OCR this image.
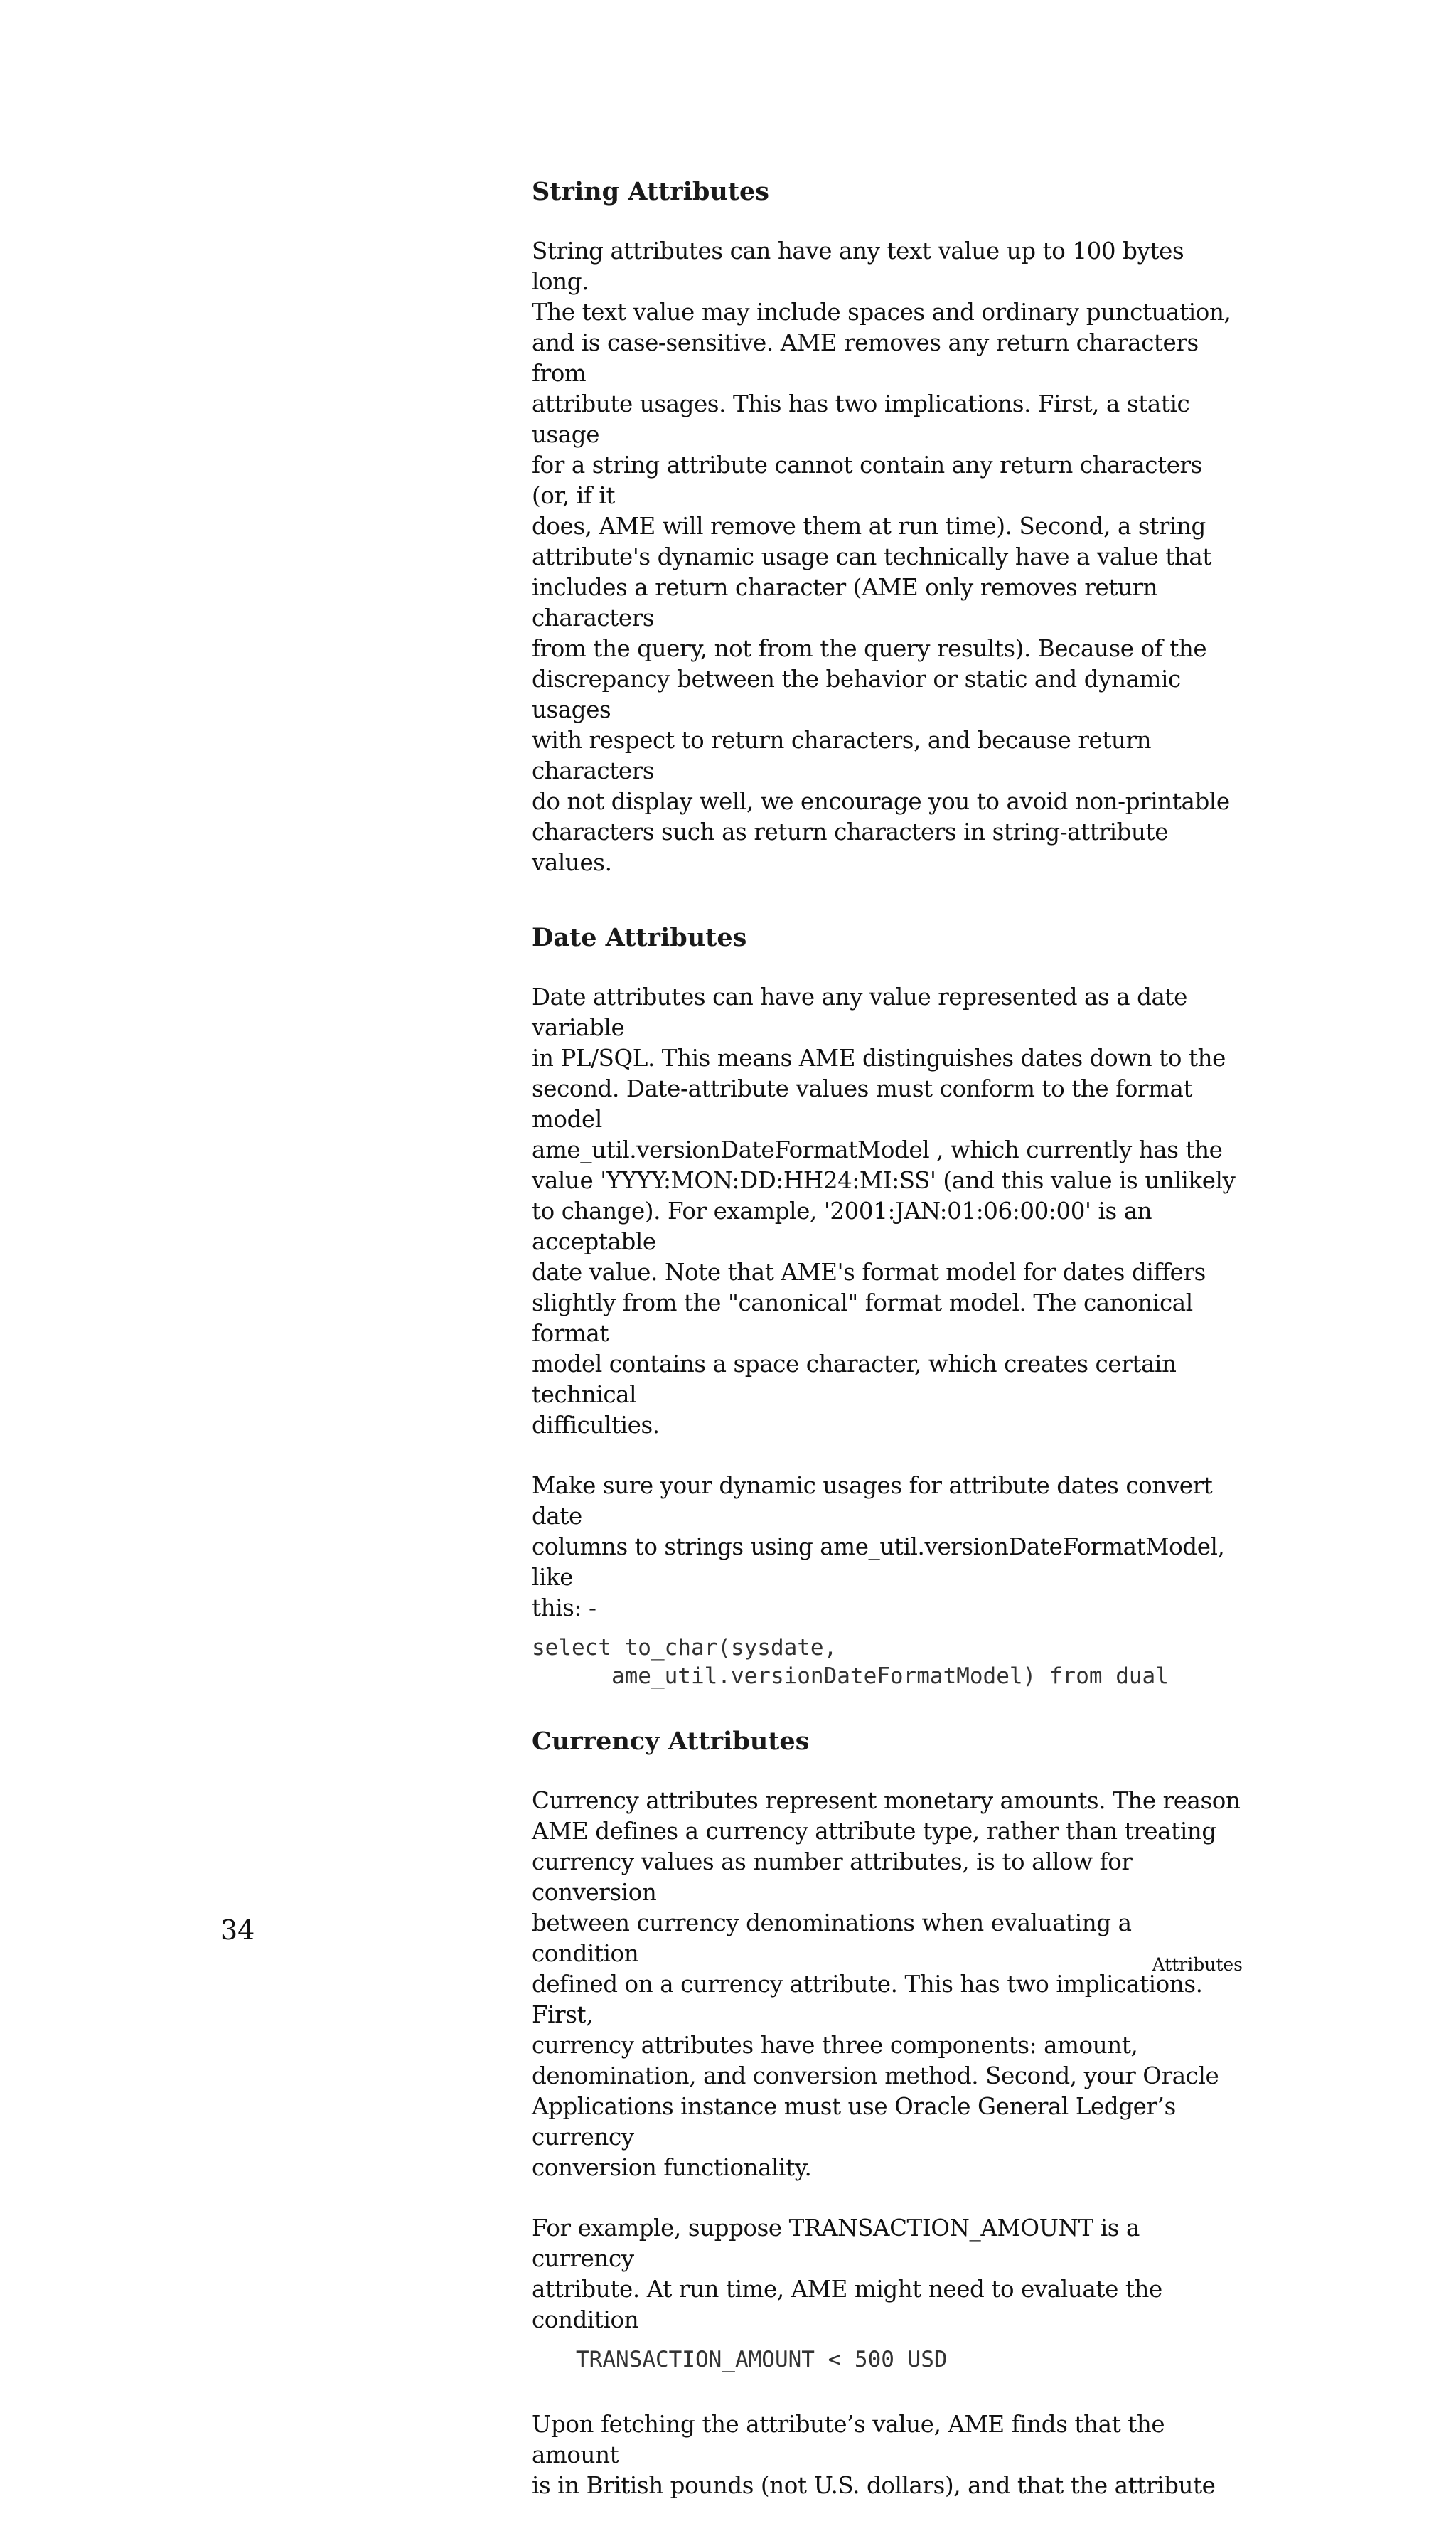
String Attributes
String attributes can have any text value up to 100 bytes long.
The text value may include spaces and ordinary punctuation,
and is case-sensitive. AME removes any return characters from
attribute usages. This has two implications. First, a static usage
for a string attribute cannot contain any return characters (or, if it
does, AME will remove them at run time). Second, a string
attribute's dynamic usage can technically have a value that
includes a return character (AME only removes return characters
from the query, not from the query results). Because of the
discrepancy between the behavior or static and dynamic usages
with respect to return characters, and because return characters
do not display well, we encourage you to avoid non-printable
characters such as return characters in string-attribute values.
Date Attributes
Date attributes can have any value represented as a date variable
in PL/SQL. This means AME distinguishes dates down to the
second. Date-attribute values must conform to the format model
ame_util.versionDateFormatModel , which currently has the
value 'YYYY:MON:DD:HH24:MI:SS' (and this value is unlikely
to change). For example, '2001:JAN:01:06:00:00' is an acceptable
date value. Note that AME's format model for dates differs
slightly from the "canonical" format model. The canonical format
model contains a space character, which creates certain technical
difficulties.
Make sure your dynamic usages for attribute dates convert date
columns to strings using ame_util.versionDateFormatModel, like
this: -
select to_char(sysdate,
ame_util.versionDateFormatModel) from dual
Currency Attributes
Currency attributes represent monetary amounts. The reason
AME defines a currency attribute type, rather than treating
currency values as number attributes, is to allow for conversion
between currency denominations when evaluating a condition
defined on a currency attribute. This has two implications. First,
currency attributes have three components: amount,
denomination, and conversion method. Second, your Oracle
Applications instance must use Oracle General Ledger’s currency
conversion functionality.
For example, suppose TRANSACTION_AMOUNT is a currency
attribute. At run time, AME might need to evaluate the
condition
TRANSACTION_AMOUNT < 500 USD
Upon fetching the attribute’s value, AME finds that the amount
is in British pounds (not U.S. dollars), and that the attribute
34
Attributes
